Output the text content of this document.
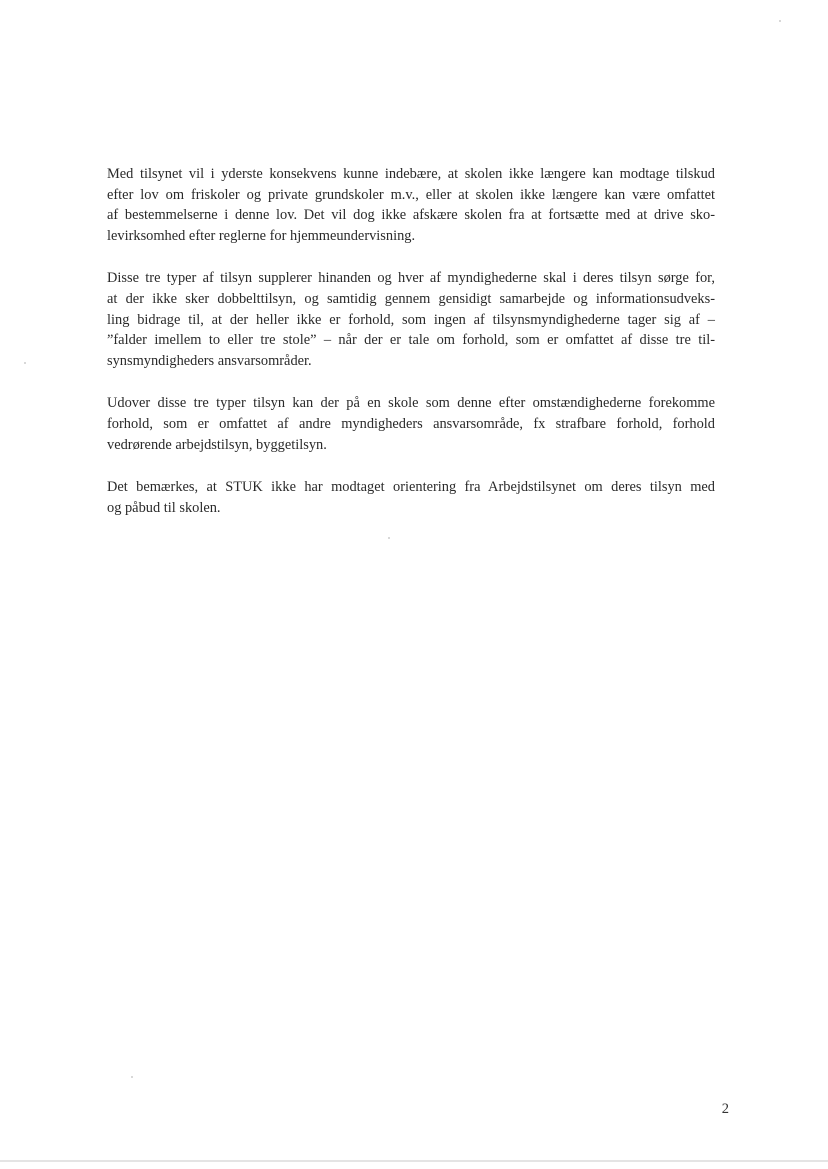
Med tilsynet vil i yderste konsekvens kunne indebære, at skolen ikke længere kan modtage tilskud
efter lov om friskoler og private grundskoler m.v., eller at skolen ikke længere kan være omfattet
af bestemmelserne i denne lov. Det vil dog ikke afskære skolen fra at fortsætte med at drive sko-
levirksomhed efter reglerne for hjemmeundervisning.

Disse tre typer af tilsyn supplerer hinanden og hver af myndighederne skal i deres tilsyn sørge for,
at der ikke sker dobbelttilsyn, og samtidig gennem gensidigt samarbejde og informationsudveks-
ling bidrage til, at der heller ikke er forhold, som ingen af tilsynsmyndighederne tager sig af –
”falder imellem to eller tre stole” – når der er tale om forhold, som er omfattet af disse tre til-
synsmyndigheders ansvarsområder.

Udover disse tre typer tilsyn kan der på en skole som denne efter omstændighederne forekomme
forhold, som er omfattet af andre myndigheders ansvarsområde, fx strafbare forhold, forhold
vedrørende arbejdstilsyn, byggetilsyn.

Det bemærkes, at STUK ikke har modtaget orientering fra Arbejdstilsynet om deres tilsyn med
og påbud til skolen.

2
